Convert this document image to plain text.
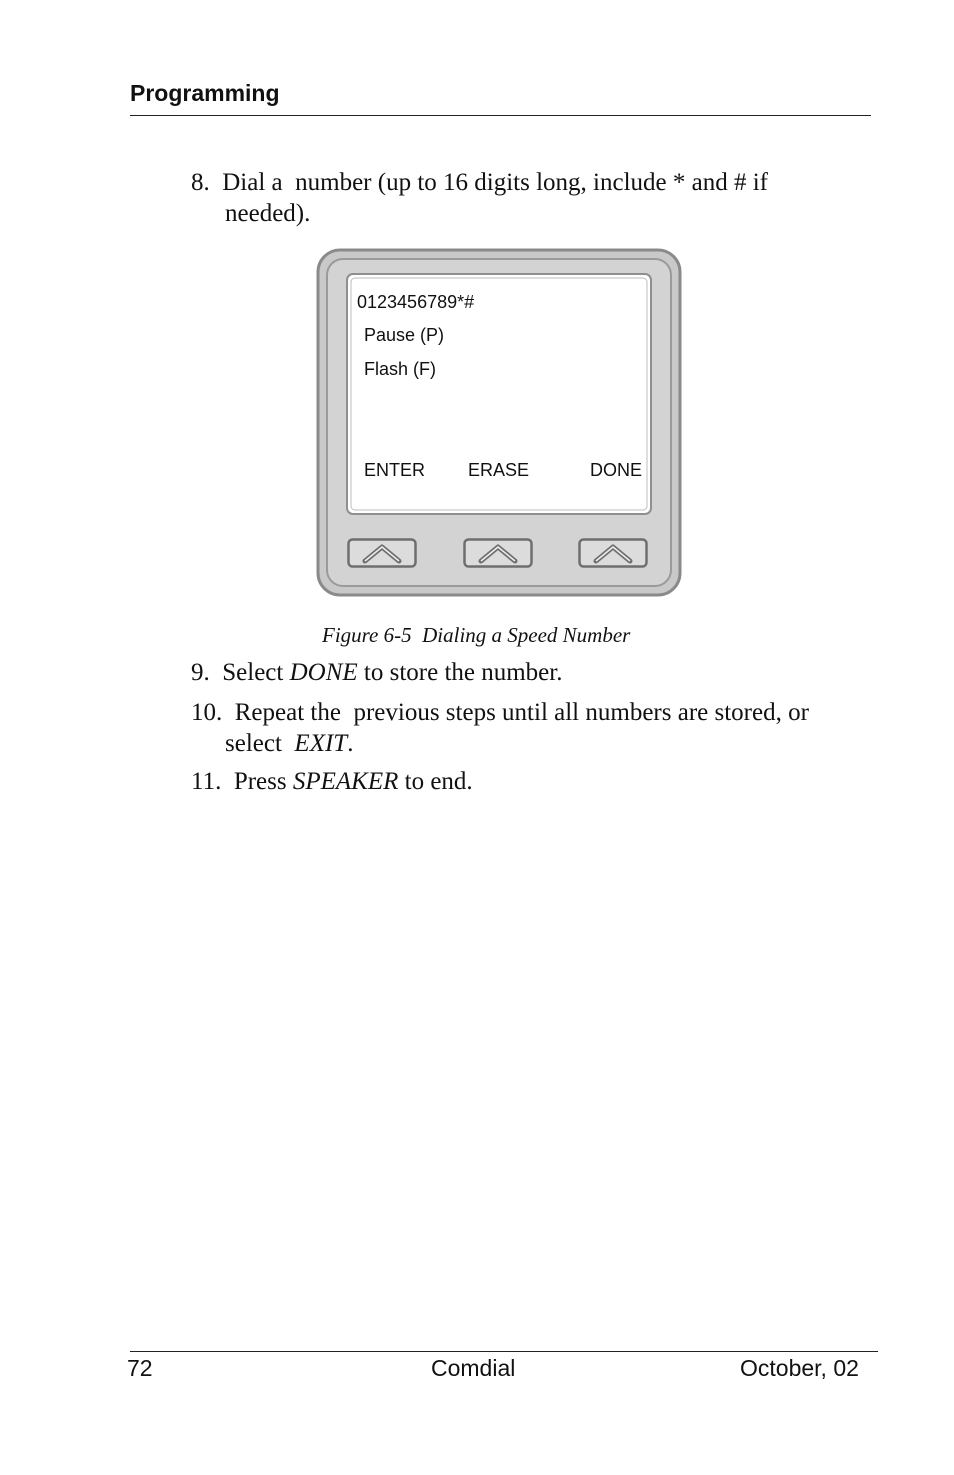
Programming
8.  Dial a  number (up to 16 digits long, include * and # if
needed).
0123456789*#
Pause (P)
Flash (F)
ENTER ERASE	DONE
Figure 6-5  Dialing a Speed Number
9.  Select DONE to store the number.
10.  Repeat the  previous steps until all numbers are stored, or
select  EXIT.
11.  Press SPEAKER to end.
72	Comdial	October, 02
